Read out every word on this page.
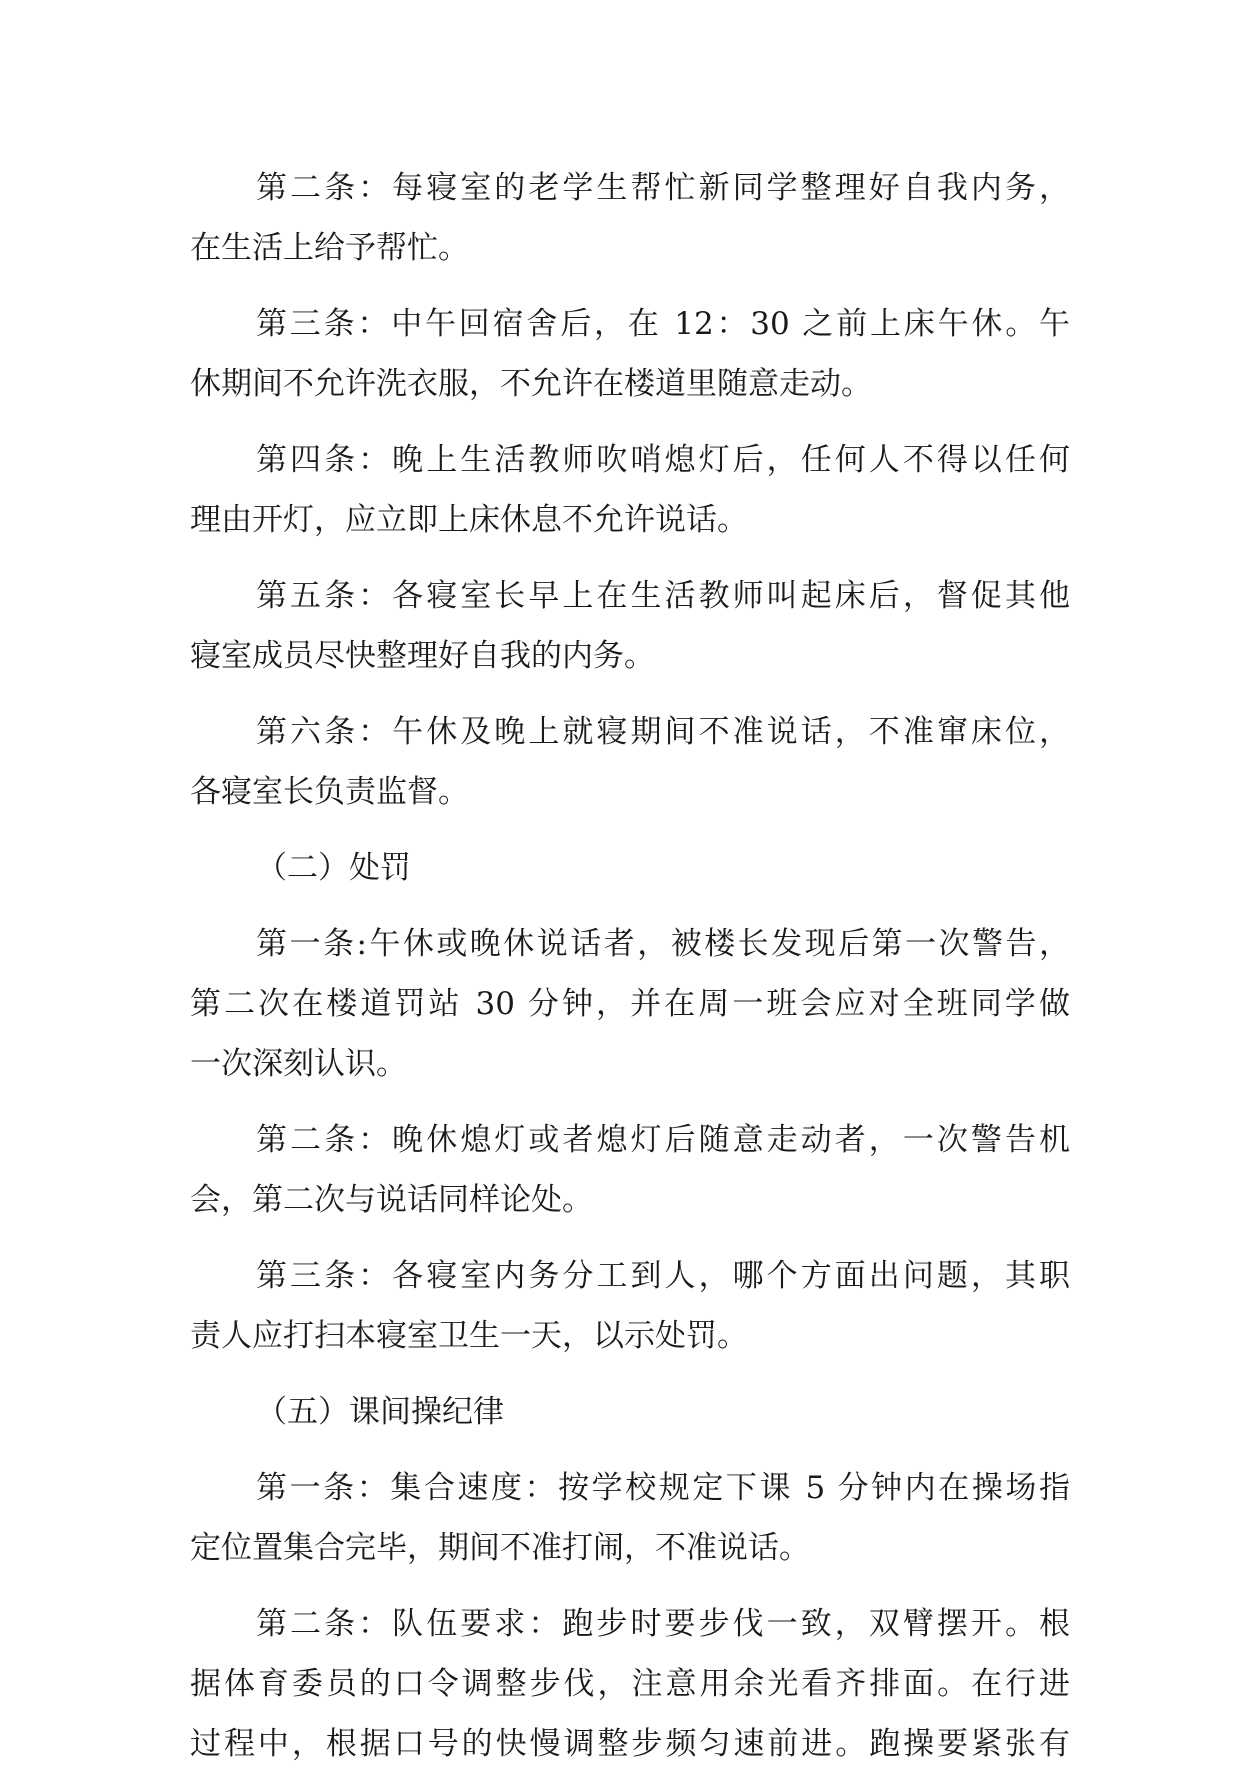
第二条：每寝室的老学生帮忙新同学整理好自我内务，
在生活上给予帮忙。
第三条：中午回宿舍后，在 12：30 之前上床午休。午
休期间不允许洗衣服，不允许在楼道里随意走动。
第四条：晚上生活教师吹哨熄灯后，任何人不得以任何
理由开灯，应立即上床休息不允许说话。
第五条：各寝室长早上在生活教师叫起床后，督促其他
寝室成员尽快整理好自我的内务。
第六条：午休及晚上就寝期间不准说话，不准窜床位，
各寝室长负责监督。
（二）处罚
第一条:午休或晚休说话者，被楼长发现后第一次警告，
第二次在楼道罚站 30 分钟，并在周一班会应对全班同学做
一次深刻认识。
第二条：晚休熄灯或者熄灯后随意走动者，一次警告机
会，第二次与说话同样论处。
第三条：各寝室内务分工到人，哪个方面出问题，其职
责人应打扫本寝室卫生一天，以示处罚。
（五）课间操纪律
第一条：集合速度：按学校规定下课 5 分钟内在操场指
定位置集合完毕，期间不准打闹，不准说话。
第二条：队伍要求：跑步时要步伐一致，双臂摆开。根
据体育委员的口令调整步伐，注意用余光看齐排面。在行进
过程中，根据口号的快慢调整步频匀速前进。跑操要紧张有
